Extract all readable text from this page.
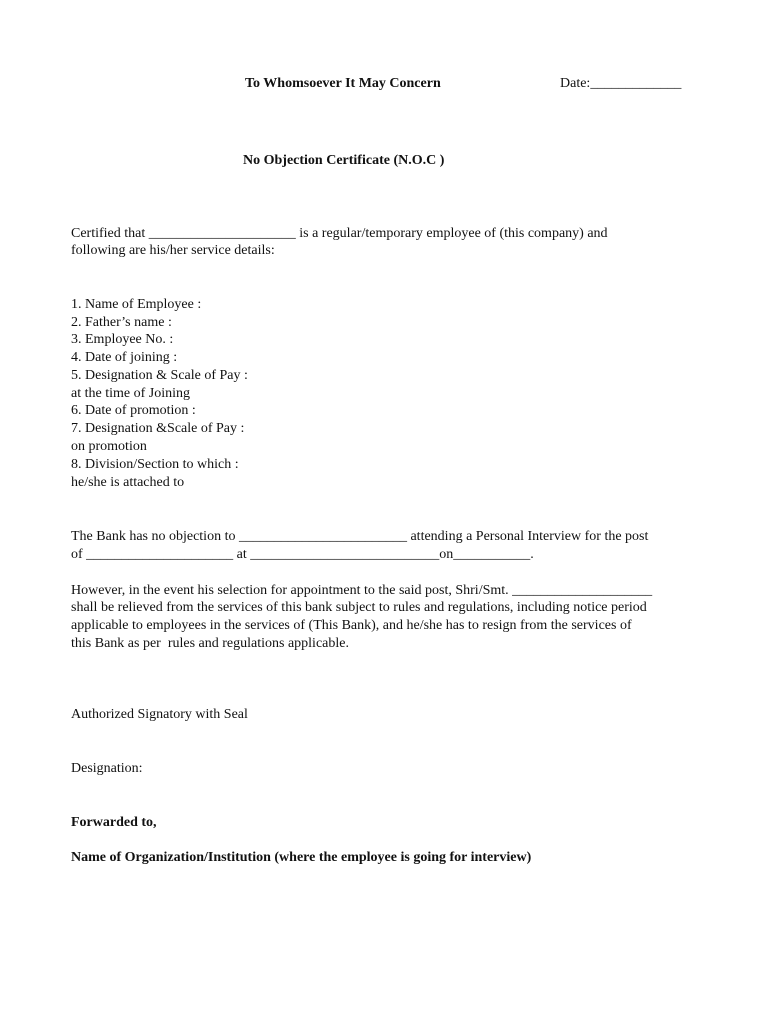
To Whomsoever It May Concern	Date:_____________
No Objection Certificate (N.O.C )
Certified that _____________________ is a regular/temporary employee of (this company) and
following are his/her service details:
1. Name of Employee :
2. Father’s name :
3. Employee No. :
4. Date of joining :
5. Designation & Scale of Pay :
at the time of Joining
6. Date of promotion :
7. Designation &Scale of Pay :
on promotion
8. Division/Section to which :
he/she is attached to
The Bank has no objection to ________________________ attending a Personal Interview for the post
of _____________________ at ___________________________on___________.
However, in the event his selection for appointment to the said post, Shri/Smt. ____________________
shall be relieved from the services of this bank subject to rules and regulations, including notice period
applicable to employees in the services of (This Bank), and he/she has to resign from the services of
this Bank as per  rules and regulations applicable.
Authorized Signatory with Seal
Designation:
Forwarded to,
Name of Organization/Institution (where the employee is going for interview)
